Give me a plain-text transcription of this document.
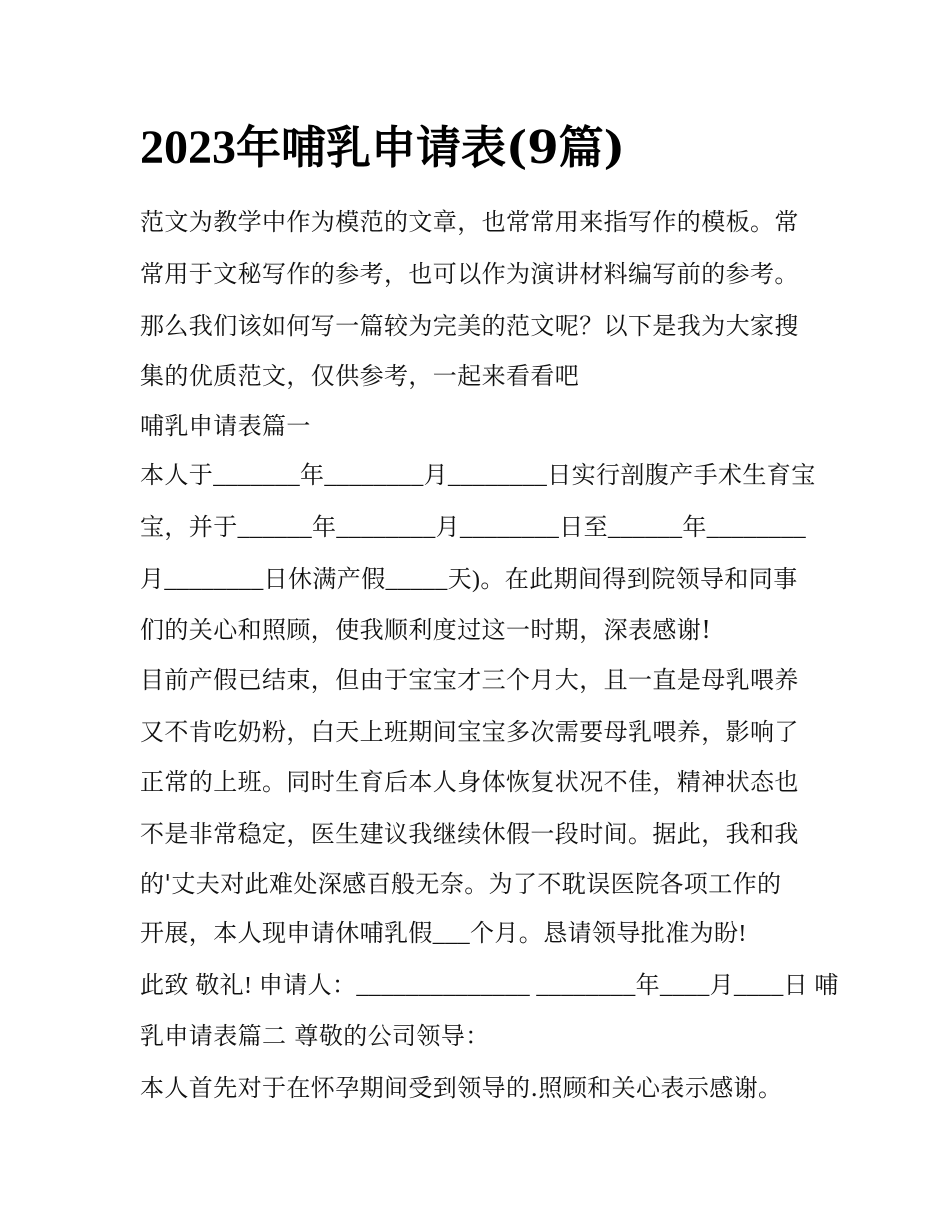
2023年哺乳申请表(9篇)

范文为教学中作为模范的文章，也常常用来指写作的模板。常

常用于文秘写作的参考，也可以作为演讲材料编写前的参考。

那么我们该如何写一篇较为完美的范文呢？以下是我为大家搜

集的优质范文，仅供参考，一起来看看吧

哺乳申请表篇一

本人于_______年________月________日实行剖腹产手术生育宝

宝，并于______年________月________日至______年________

月________日休满产假_____天)。在此期间得到院领导和同事

们的关心和照顾，使我顺利度过这一时期，深表感谢!

目前产假已结束，但由于宝宝才三个月大，且一直是母乳喂养

又不肯吃奶粉，白天上班期间宝宝多次需要母乳喂养，影响了

正常的上班。同时生育后本人身体恢复状况不佳，精神状态也

不是非常稳定，医生建议我继续休假一段时间。据此，我和我

的'丈夫对此难处深感百般无奈。为了不耽误医院各项工作的

开展，本人现申请休哺乳假___个月。恳请领导批准为盼!

此致 敬礼! 申请人：______________ ________年____月____日 哺

乳申请表篇二 尊敬的公司领导：

本人首先对于在怀孕期间受到领导的.照顾和关心表示感谢。
